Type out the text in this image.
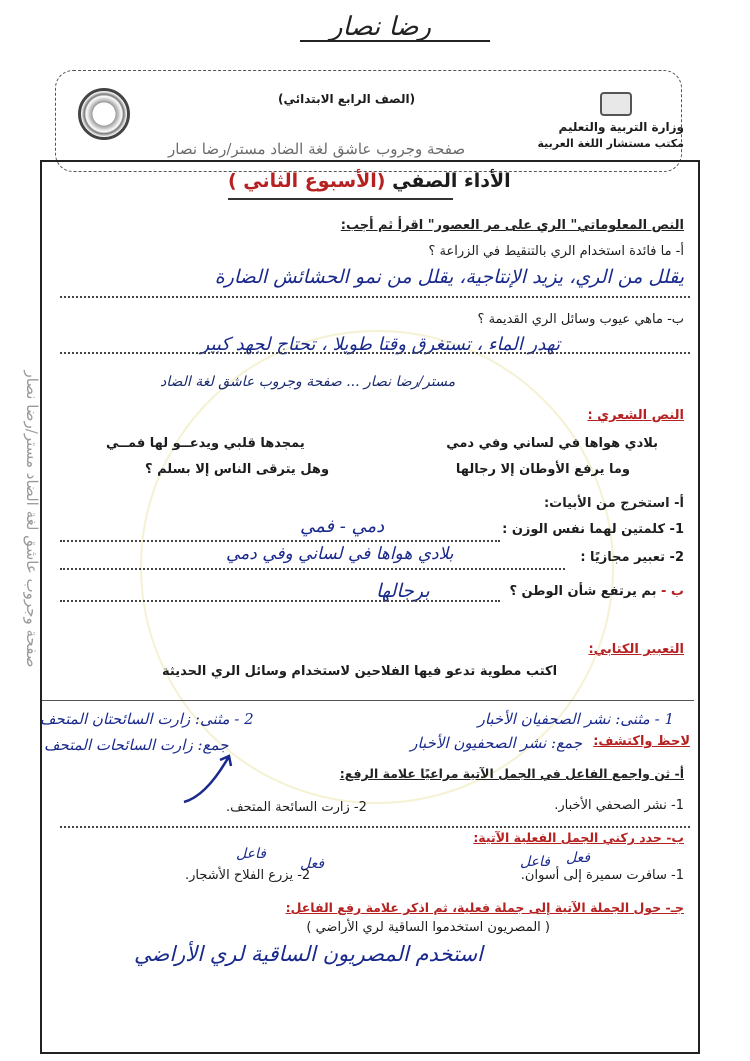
رضا نصار
وزارة التربية والتعليم
مكتب مستشار اللغة العربية
(الصف الرابع الابتدائي)
صفحة وجروب عاشق لغة الضاد مستر/رضا نصار
الأداء الصفي (الأسبوع الثاني )
النص المعلوماتي" الري على مر العصور" اقرأ ثم أجب:
أ- ما فائدة استخدام الري بالتنقيط في الزراعة ؟
يقلل من الري، يزيد الإنتاجية، يقلل من نمو الحشائش الضارة
ب- ماهي عيوب وسائل الري القديمة ؟
تهدر الماء ، تستغرق وقتا طويلا ، تحتاج لجهد كبير
مستر/رضا نصار ... صفحة وجروب عاشق لغة الضاد
النص الشعري :
بلادي هواها في لساني وفي دمي
يمجدها قلبي ويدعــو لها فمــي
وما يرفع الأوطان إلا رجالها
وهل يترقى الناس إلا بسلم ؟
أ- استخرج من الأبيات:
1- كلمتين لهما نفس الوزن :
دمي - فمي
2- تعبير مجازيًا :
بلادي هواها في لساني وفي دمي
ب - بم يرتفع شأن الوطن ؟
برجالها
التعبير الكتابي:
اكتب مطوية تدعو فيها الفلاحين لاستخدام وسائل الري الحديثة
1 - مثنى: نشر الصحفيان الأخبار
2 - مثنى: زارت السائحتان المتحف
لاحظ واكتشف:
جمع: نشر الصحفيون الأخبار
جمع: زارت السائحات المتحف
أ- ثن واجمع الفاعل في الجمل الآتية مراعيًا علامة الرفع:
1- نشر الصحفي الأخبار.
2- زارت السائحة المتحف.
ب- حدد ركني الجمل الفعلية الآتية:
فعل
فاعل
فعل
فاعل
1- سافرت سميرة إلى أسوان.
2- يزرع الفلاح الأشجار.
جـ- حول الجملة الآتية إلى جملة فعلية، ثم اذكر علامة رفع الفاعل:
( المصريون استخدموا الساقية لري الأراضي )
استخدم المصريون الساقية لري الأراضي
صفحة وجروب عاشق لغة الضاد مستر/رضا نصار
